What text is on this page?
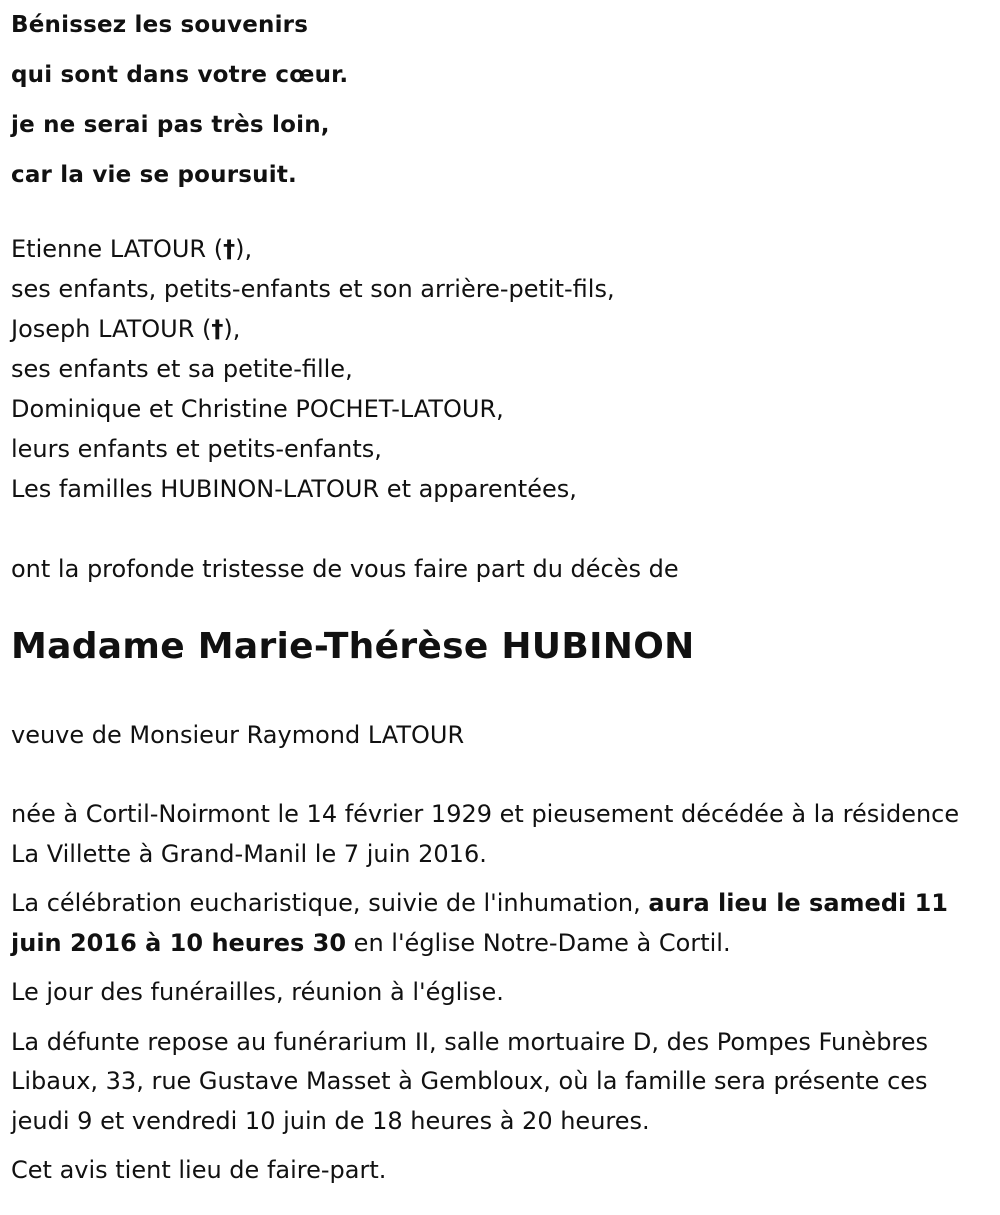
Bénissez les souvenirs
qui sont dans votre cœur.
je ne serai pas très loin,
car la vie se poursuit.
Etienne LATOUR (†),
ses enfants, petits-enfants et son arrière-petit-fils,
Joseph LATOUR (†),
ses enfants et sa petite-fille,
Dominique et Christine POCHET-LATOUR,
leurs enfants et petits-enfants,
Les familles HUBINON-LATOUR et apparentées,
ont la profonde tristesse de vous faire part du décès de
Madame Marie-Thérèse HUBINON
veuve de Monsieur Raymond LATOUR
née à Cortil-Noirmont le 14 février 1929 et pieusement décédée à la résidence La Villette à Grand-Manil le 7 juin 2016.
La célébration eucharistique, suivie de l'inhumation, aura lieu le samedi 11 juin 2016 à 10 heures 30 en l'église Notre-Dame à Cortil.
Le jour des funérailles, réunion à l'église.
La défunte repose au funérarium II, salle mortuaire D, des Pompes Funèbres Libaux, 33, rue Gustave Masset à Gembloux, où la famille sera présente ces jeudi 9 et vendredi 10 juin de 18 heures à 20 heures.
Cet avis tient lieu de faire-part.
